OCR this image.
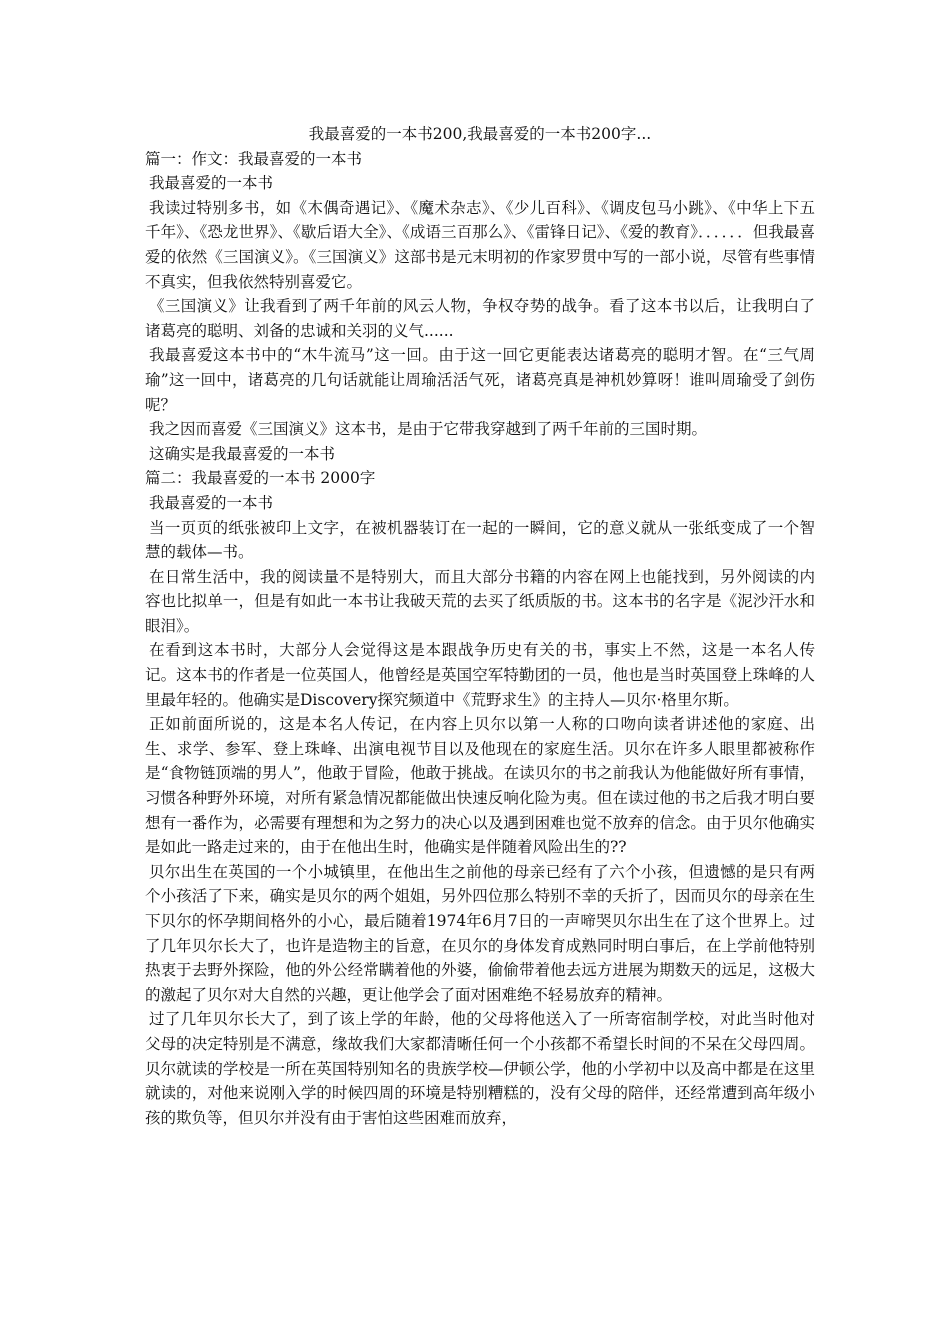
我最喜爱的一本书200,我最喜爱的一本书200字...

篇一：作文：我最喜爱的一本书

我最喜爱的一本书

我读过特别多书，如《木偶奇遇记》、《魔术杂志》、《少儿百科》、《调皮包马小跳》、《中华上下五千年》、《恐龙世界》、《歇后语大全》、《成语三百那么》、《雷锋日记》、《爱的教育》．．．．．．但我最喜爱的依然《三国演义》。《三国演义》这部书是元末明初的作家罗贯中写的一部小说，尽管有些事情不真实，但我依然特别喜爱它。

《三国演义》让我看到了两千年前的风云人物，争权夺势的战争。看了这本书以后，让我明白了诸葛亮的聪明、刘备的忠诚和关羽的义气......

我最喜爱这本书中的“木牛流马”这一回。由于这一回它更能表达诸葛亮的聪明才智。在“三气周瑜”这一回中，诸葛亮的几句话就能让周瑜活活气死，诸葛亮真是神机妙算呀！谁叫周瑜受了剑伤呢？

我之因而喜爱《三国演义》这本书，是由于它带我穿越到了两千年前的三国时期。

这确实是我最喜爱的一本书

篇二：我最喜爱的一本书 2000字

我最喜爱的一本书

当一页页的纸张被印上文字，在被机器装订在一起的一瞬间，它的意义就从一张纸变成了一个智慧的载体—书。

在日常生活中，我的阅读量不是特别大，而且大部分书籍的内容在网上也能找到，另外阅读的内容也比拟单一，但是有如此一本书让我破天荒的去买了纸质版的书。这本书的名字是《泥沙汗水和眼泪》。

在看到这本书时，大部分人会觉得这是本跟战争历史有关的书，事实上不然，这是一本名人传记。这本书的作者是一位英国人，他曾经是英国空军特勤团的一员，他也是当时英国登上珠峰的人里最年轻的。他确实是Discovery探究频道中《荒野求生》的主持人—贝尔·格里尔斯。

正如前面所说的，这是本名人传记，在内容上贝尔以第一人称的口吻向读者讲述他的家庭、出生、求学、参军、登上珠峰、出演电视节目以及他现在的家庭生活。贝尔在许多人眼里都被称作是“食物链顶端的男人”，他敢于冒险，他敢于挑战。在读贝尔的书之前我认为他能做好所有事情，习惯各种野外环境，对所有紧急情况都能做出快速反响化险为夷。但在读过他的书之后我才明白要想有一番作为，必需要有理想和为之努力的决心以及遇到困难也觉不放弃的信念。由于贝尔他确实是如此一路走过来的，由于在他出生时，他确实是伴随着风险出生的??

贝尔出生在英国的一个小城镇里，在他出生之前他的母亲已经有了六个小孩，但遗憾的是只有两个小孩活了下来，确实是贝尔的两个姐姐，另外四位那么特别不幸的夭折了，因而贝尔的母亲在生下贝尔的怀孕期间格外的小心，最后随着1974年6月7日的一声啼哭贝尔出生在了这个世界上。过了几年贝尔长大了，也许是造物主的旨意，在贝尔的身体发育成熟同时明白事后，在上学前他特别热衷于去野外探险，他的外公经常瞒着他的外婆，偷偷带着他去远方进展为期数天的远足，这极大的激起了贝尔对大自然的兴趣，更让他学会了面对困难绝不轻易放弃的精神。

过了几年贝尔长大了，到了该上学的年龄，他的父母将他送入了一所寄宿制学校，对此当时他对父母的决定特别是不满意，缘故我们大家都清晰任何一个小孩都不希望长时间的不呆在父母四周。贝尔就读的学校是一所在英国特别知名的贵族学校—伊顿公学，他的小学初中以及高中都是在这里就读的，对他来说刚入学的时候四周的环境是特别糟糕的，没有父母的陪伴，还经常遭到高年级小孩的欺负等，但贝尔并没有由于害怕这些困难而放弃，
